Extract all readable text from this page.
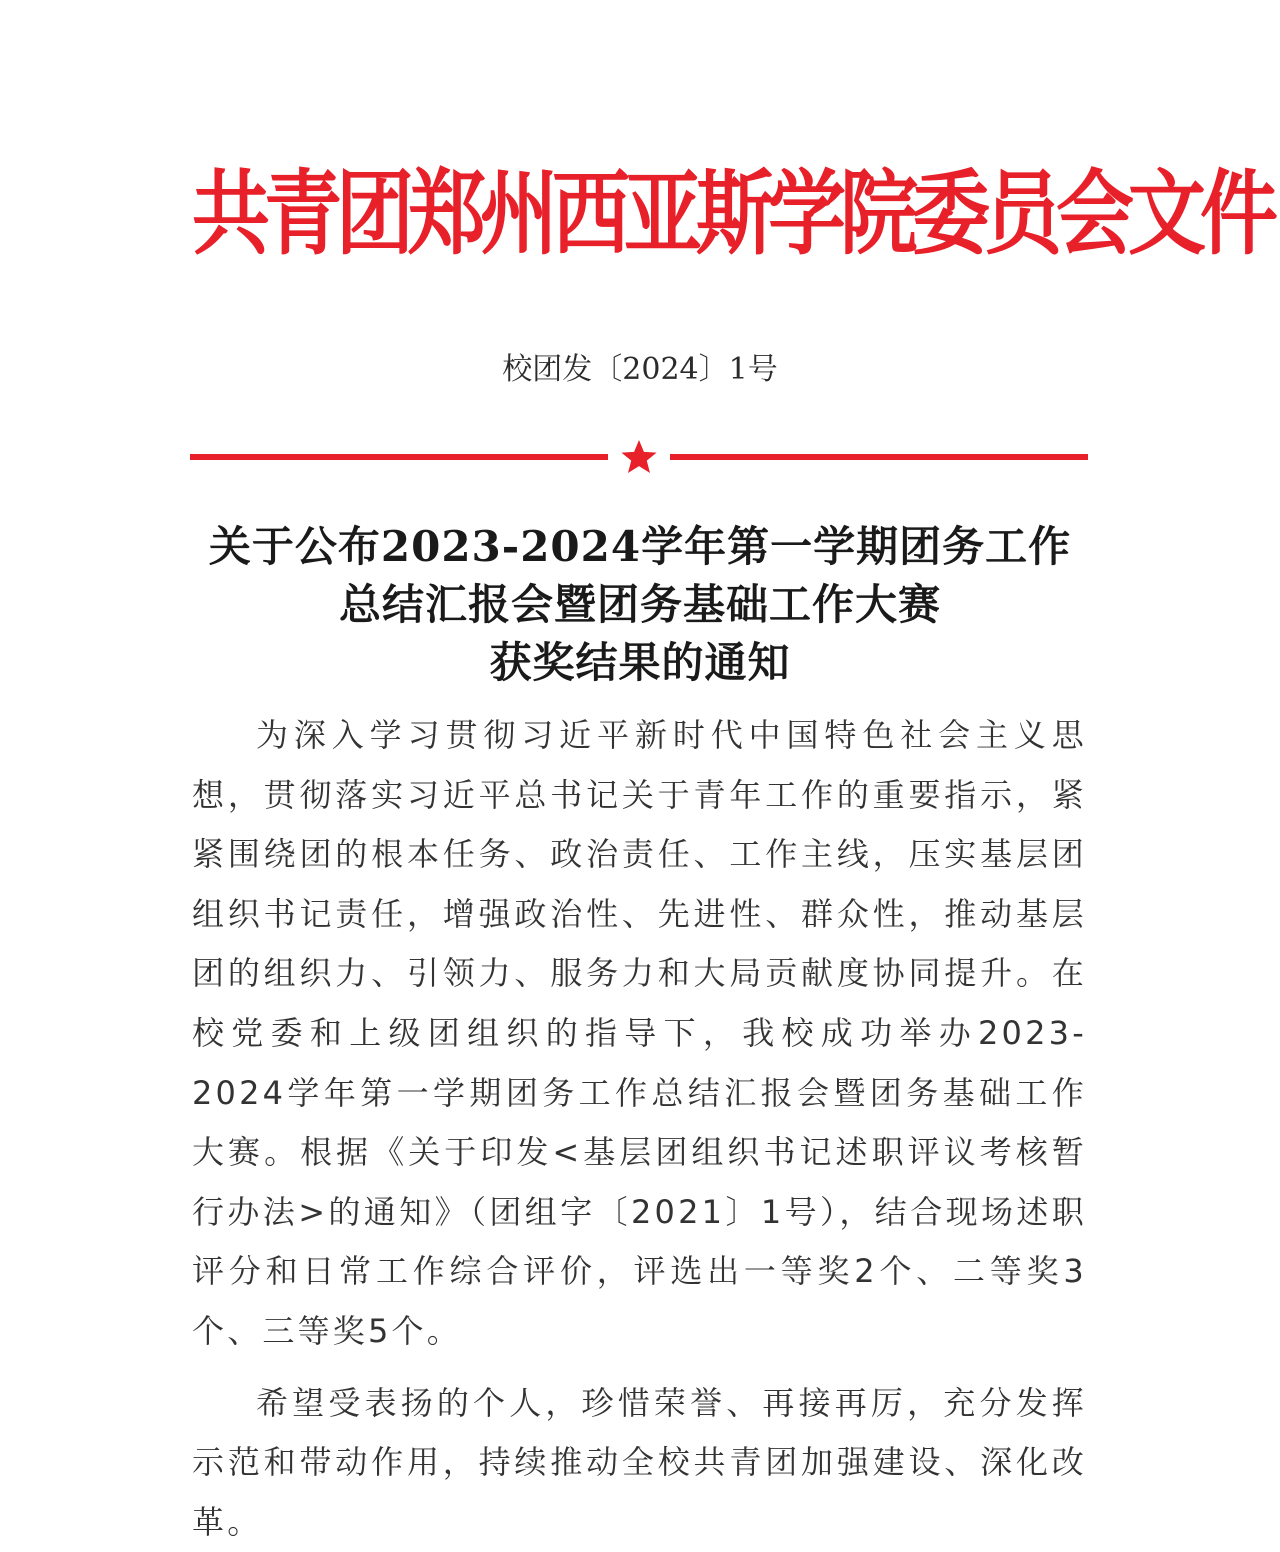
共青团郑州西亚斯学院委员会文件
校团发〔2024〕1号
关于公布2023-2024学年第一学期团务工作
总结汇报会暨团务基础工作大赛
获奖结果的通知

为深入学习贯彻习近平新时代中国特色社会主义思想，贯彻落实习近平总书记关于青年工作的重要指示，紧紧围绕团的根本任务、政治责任、工作主线，压实基层团组织书记责任，增强政治性、先进性、群众性，推动基层团的组织力、引领力、服务力和大局贡献度协同提升。在校党委和上级团组织的指导下，我校成功举办2023-2024学年第一学期团务工作总结汇报会暨团务基础工作大赛。根据《关于印发<基层团组织书记述职评议考核暂行办法>的通知》（团组字〔2021〕1号），结合现场述职评分和日常工作综合评价，评选出一等奖2个、二等奖3个、三等奖5个。

希望受表扬的个人，珍惜荣誉、再接再厉，充分发挥示范和带动作用，持续推动全校共青团加强建设、深化改革。
